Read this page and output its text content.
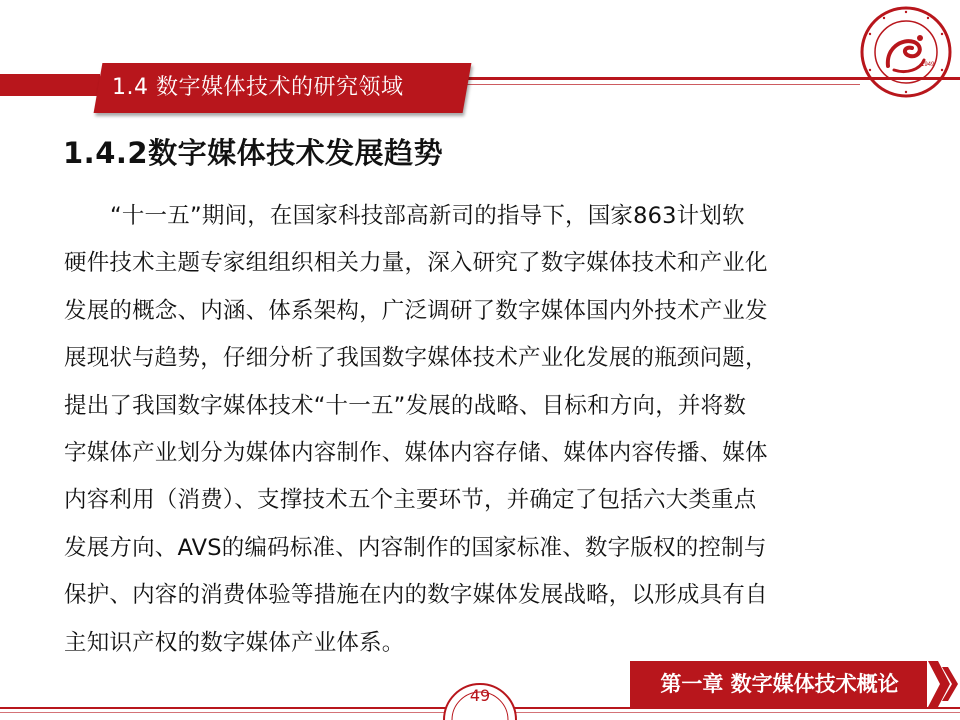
1.4 数字媒体技术的研究领域
1949
1.4.2数字媒体技术发展趋势
“十一五”期间，在国家科技部高新司的指导下，国家863计划软
硬件技术主题专家组组织相关力量，深入研究了数字媒体技术和产业化
发展的概念、内涵、体系架构，广泛调研了数字媒体国内外技术产业发
展现状与趋势，仔细分析了我国数字媒体技术产业化发展的瓶颈问题，
提出了我国数字媒体技术“十一五”发展的战略、目标和方向，并将数
字媒体产业划分为媒体内容制作、媒体内容存储、媒体内容传播、媒体
内容利用（消费）、支撑技术五个主要环节，并确定了包括六大类重点
发展方向、AVS的编码标准、内容制作的国家标准、数字版权的控制与
保护、内容的消费体验等措施在内的数字媒体发展战略，以形成具有自
主知识产权的数字媒体产业体系。
49	第一章 数字媒体技术概论
